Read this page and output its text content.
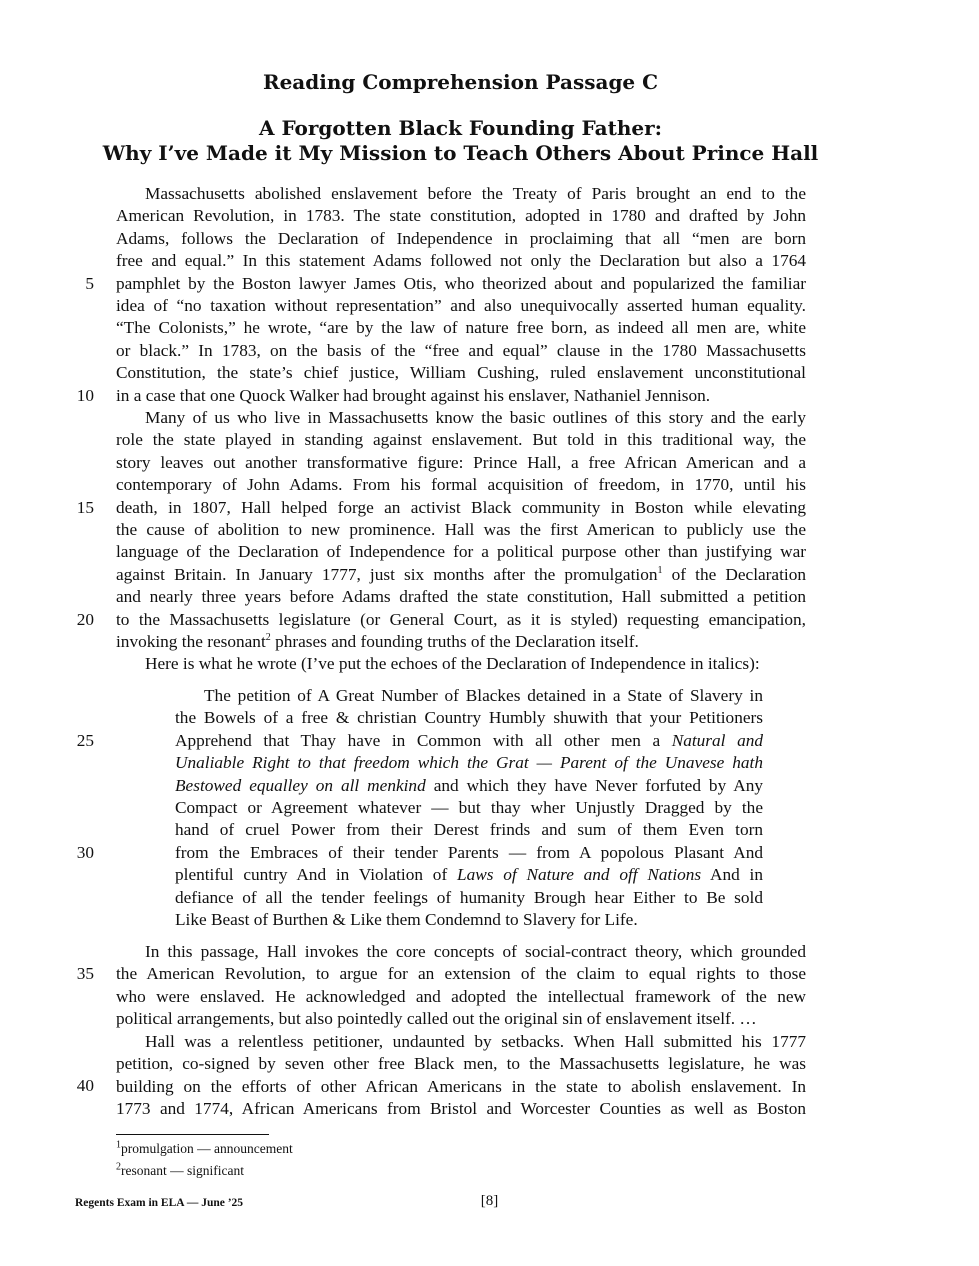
Reading Comprehension Passage C
A Forgotten Black Founding Father:
Why I’ve Made it My Mission to Teach Others About Prince Hall
5
10
15
20
25
30
35
40
Massachusetts abolished enslavement before the Treaty of Paris brought an end to the
American Revolution, in 1783. The state constitution, adopted in 1780 and drafted by John
Adams, follows the Declaration of Independence in proclaiming that all “men are born
free and equal.” In this statement Adams followed not only the Declaration but also a 1764
pamphlet by the Boston lawyer James Otis, who theorized about and popularized the familiar
idea of “no taxation without representation” and also unequivocally asserted human equality.
“The Colonists,” he wrote, “are by the law of nature free born, as indeed all men are, white
or black.” In 1783, on the basis of the “free and equal” clause in the 1780 Massachusetts
Constitution, the state’s chief justice, William Cushing, ruled enslavement unconstitutional
in a case that one Quock Walker had brought against his enslaver, Nathaniel Jennison.
Many of us who live in Massachusetts know the basic outlines of this story and the early
role the state played in standing against enslavement. But told in this traditional way, the
story leaves out another transformative figure: Prince Hall, a free African American and a
contemporary of John Adams. From his formal acquisition of freedom, in 1770, until his
death, in 1807, Hall helped forge an activist Black community in Boston while elevating
the cause of abolition to new prominence. Hall was the first American to publicly use the
language of the Declaration of Independence for a political purpose other than justifying war
against Britain. In January 1777, just six months after the promulgation$^1$ of the Declaration
and nearly three years before Adams drafted the state constitution, Hall submitted a petition
to the Massachusetts legislature (or General Court, as it is styled) requesting emancipation,
invoking the resonant$^2$ phrases and founding truths of the Declaration itself.
Here is what he wrote (I’ve put the echoes of the Declaration of Independence in italics):
The petition of A Great Number of Blackes detained in a State of Slavery in
the Bowels of a free & christian Country Humbly shuwith that your Petitioners
Apprehend that Thay have in Common with all other men a Natural and
Unaliable Right to that freedom which the Grat — Parent of the Unavese hath
Bestowed equalley on all menkind and which they have Never forfuted by Any
Compact or Agreement whatever — but thay wher Unjustly Dragged by the
hand of cruel Power from their Derest frinds and sum of them Even torn
from the Embraces of their tender Parents — from A popolous Plasant And
plentiful cuntry And in Violation of Laws of Nature and off Nations And in
defiance of all the tender feelings of humanity Brough hear Either to Be sold
Like Beast of Burthen & Like them Condemnd to Slavery for Life.
In this passage, Hall invokes the core concepts of social-contract theory, which grounded
the American Revolution, to argue for an extension of the claim to equal rights to those
who were enslaved. He acknowledged and adopted the intellectual framework of the new
political arrangements, but also pointedly called out the original sin of enslavement itself. …
Hall was a relentless petitioner, undaunted by setbacks. When Hall submitted his 1777
petition, co-signed by seven other free Black men, to the Massachusetts legislature, he was
building on the efforts of other African Americans in the state to abolish enslavement. In
1773 and 1774, African Americans from Bristol and Worcester Counties as well as Boston
$^1$promulgation — announcement
$^2$resonant — significant
Regents Exam in ELA — June ’25	[8]
